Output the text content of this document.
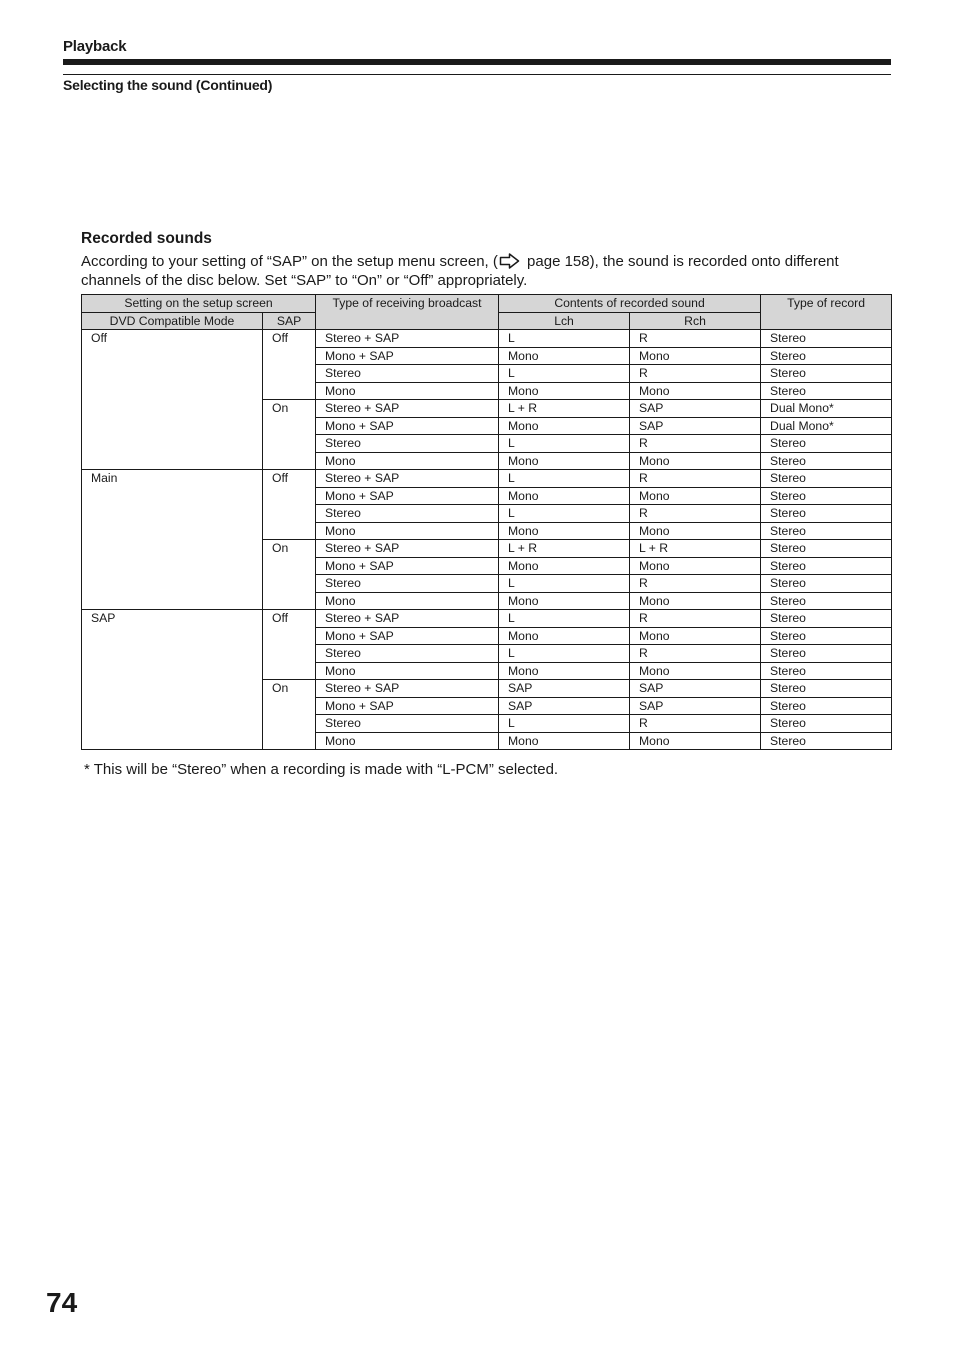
Playback
Selecting the sound (Continued)
Recorded sounds
According to your setting of “SAP” on the setup menu screen, ( page 158), the sound is recorded onto different channels of the disc below. Set “SAP” to “On” or “Off” appropriately.
Setting on the setup screen		Type of receiving broadcast	Contents of recorded sound		Type of record
DVD Compatible Mode	SAP		Lch	Rch	
Off	Off	Stereo + SAP	L	R	Stereo
		Mono + SAP	Mono	Mono	Stereo
		Stereo	L	R	Stereo
		Mono	Mono	Mono	Stereo
	On	Stereo + SAP	L + R	SAP	Dual Mono*
		Mono + SAP	Mono	SAP	Dual Mono*
		Stereo	L	R	Stereo
		Mono	Mono	Mono	Stereo
Main	Off	Stereo + SAP	L	R	Stereo
		Mono + SAP	Mono	Mono	Stereo
		Stereo	L	R	Stereo
		Mono	Mono	Mono	Stereo
	On	Stereo + SAP	L + R	L + R	Stereo
		Mono + SAP	Mono	Mono	Stereo
		Stereo	L	R	Stereo
		Mono	Mono	Mono	Stereo
SAP	Off	Stereo + SAP	L	R	Stereo
		Mono + SAP	Mono	Mono	Stereo
		Stereo	L	R	Stereo
		Mono	Mono	Mono	Stereo
	On	Stereo + SAP	SAP	SAP	Stereo
		Mono + SAP	SAP	SAP	Stereo
		Stereo	L	R	Stereo
		Mono	Mono	Mono	Stereo
* This will be “Stereo” when a recording is made with “L-PCM” selected.
74
